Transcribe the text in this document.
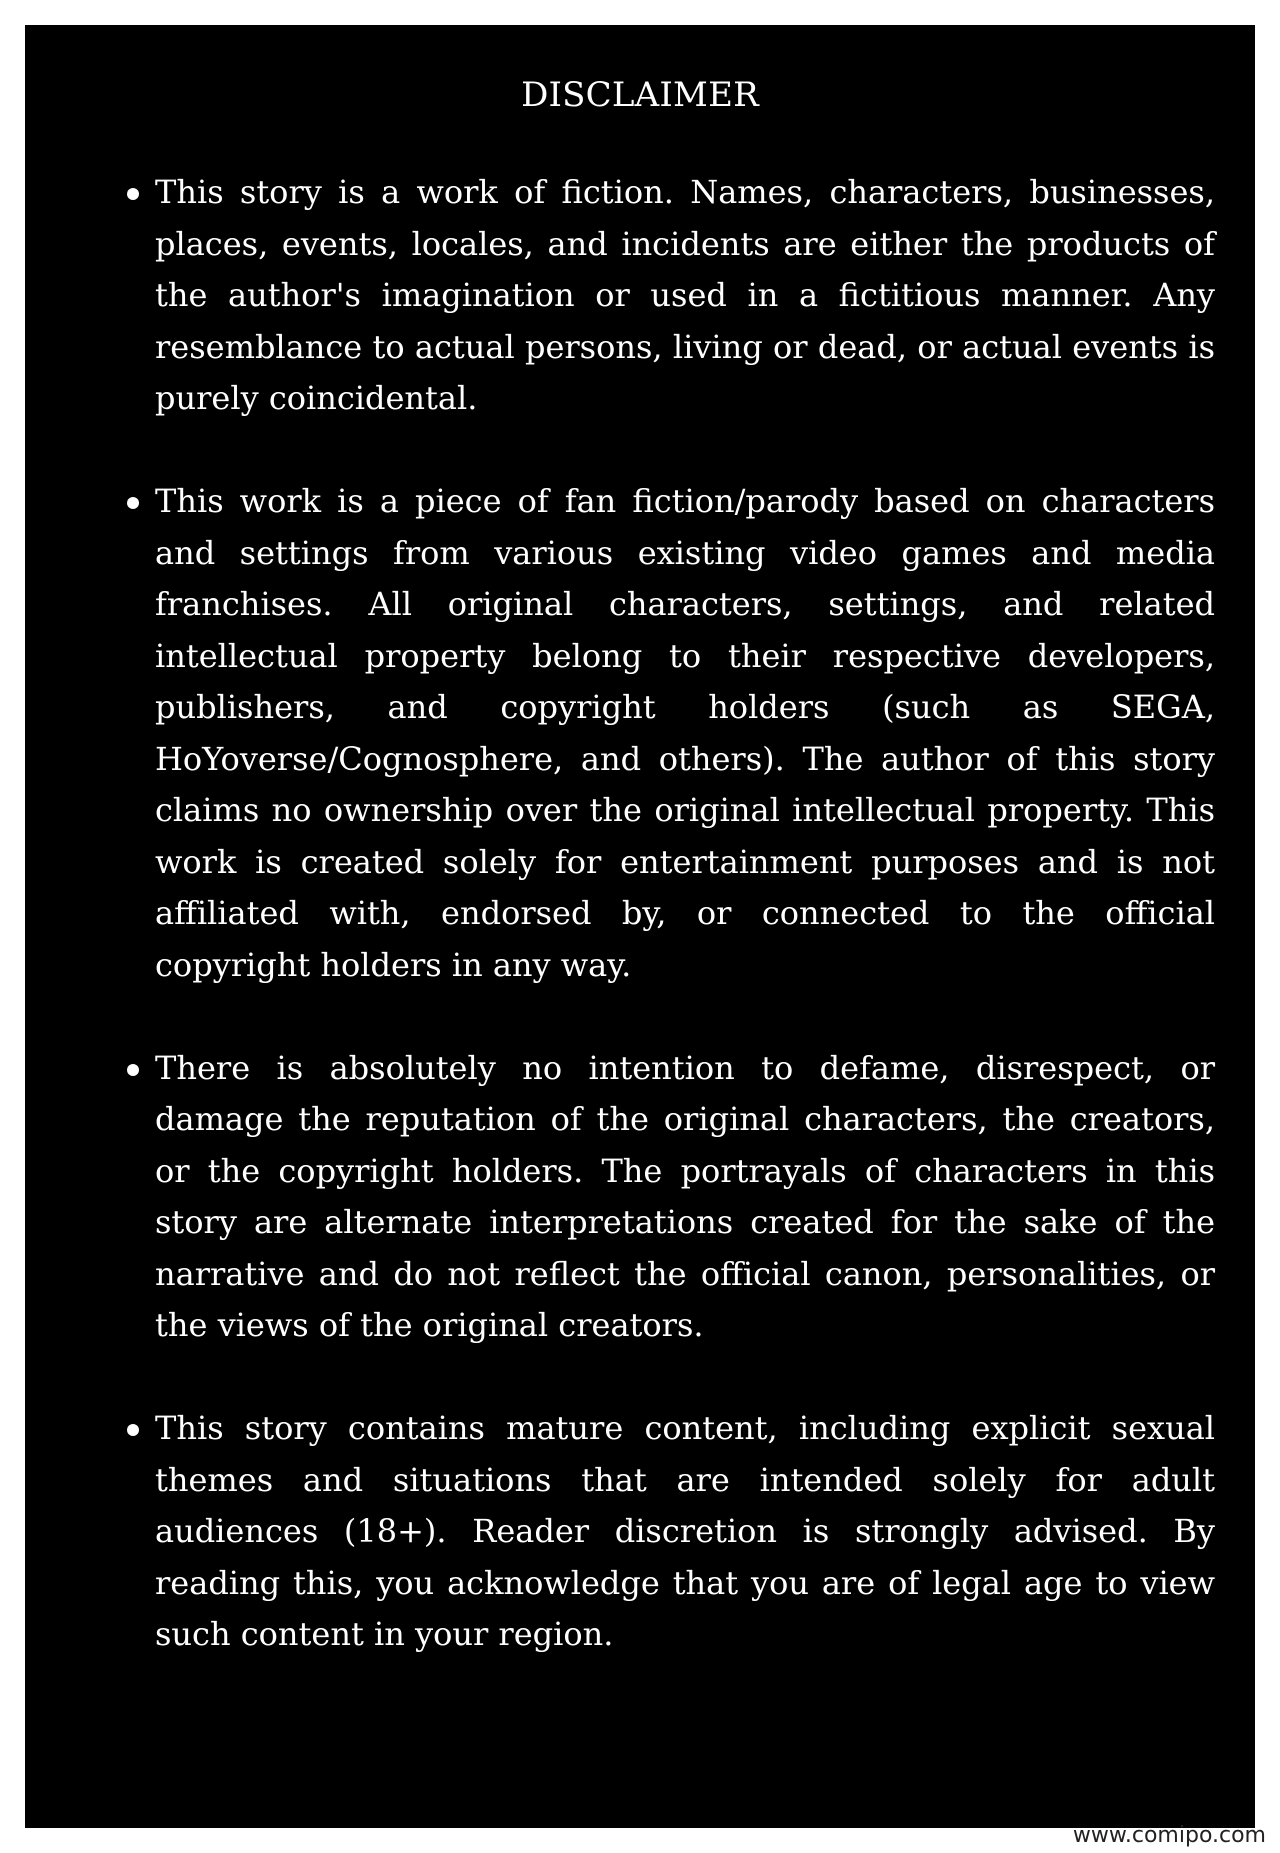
DISCLAIMER
This story is a work of fiction. Names, characters, businesses, places, events, locales, and incidents are either the products of the author's imagination or used in a fictitious manner. Any resemblance to actual persons, living or dead, or actual events is purely coincidental.
This work is a piece of fan fiction/parody based on characters and settings from various existing video games and media franchises. All original characters, settings, and related intellectual property belong to their respective developers, publishers, and copyright holders (such as SEGA, HoYoverse/Cognosphere, and others). The author of this story claims no ownership over the original intellectual property. This work is created solely for entertainment purposes and is not affiliated with, endorsed by, or connected to the official copyright holders in any way.
There is absolutely no intention to defame, disrespect, or damage the reputation of the original characters, the creators, or the copyright holders. The portrayals of characters in this story are alternate interpretations created for the sake of the narrative and do not reflect the official canon, personalities, or the views of the original creators.
This story contains mature content, including explicit sexual themes and situations that are intended solely for adult audiences (18+). Reader discretion is strongly advised. By reading this, you acknowledge that you are of legal age to view such content in your region.
www.comipo.com
